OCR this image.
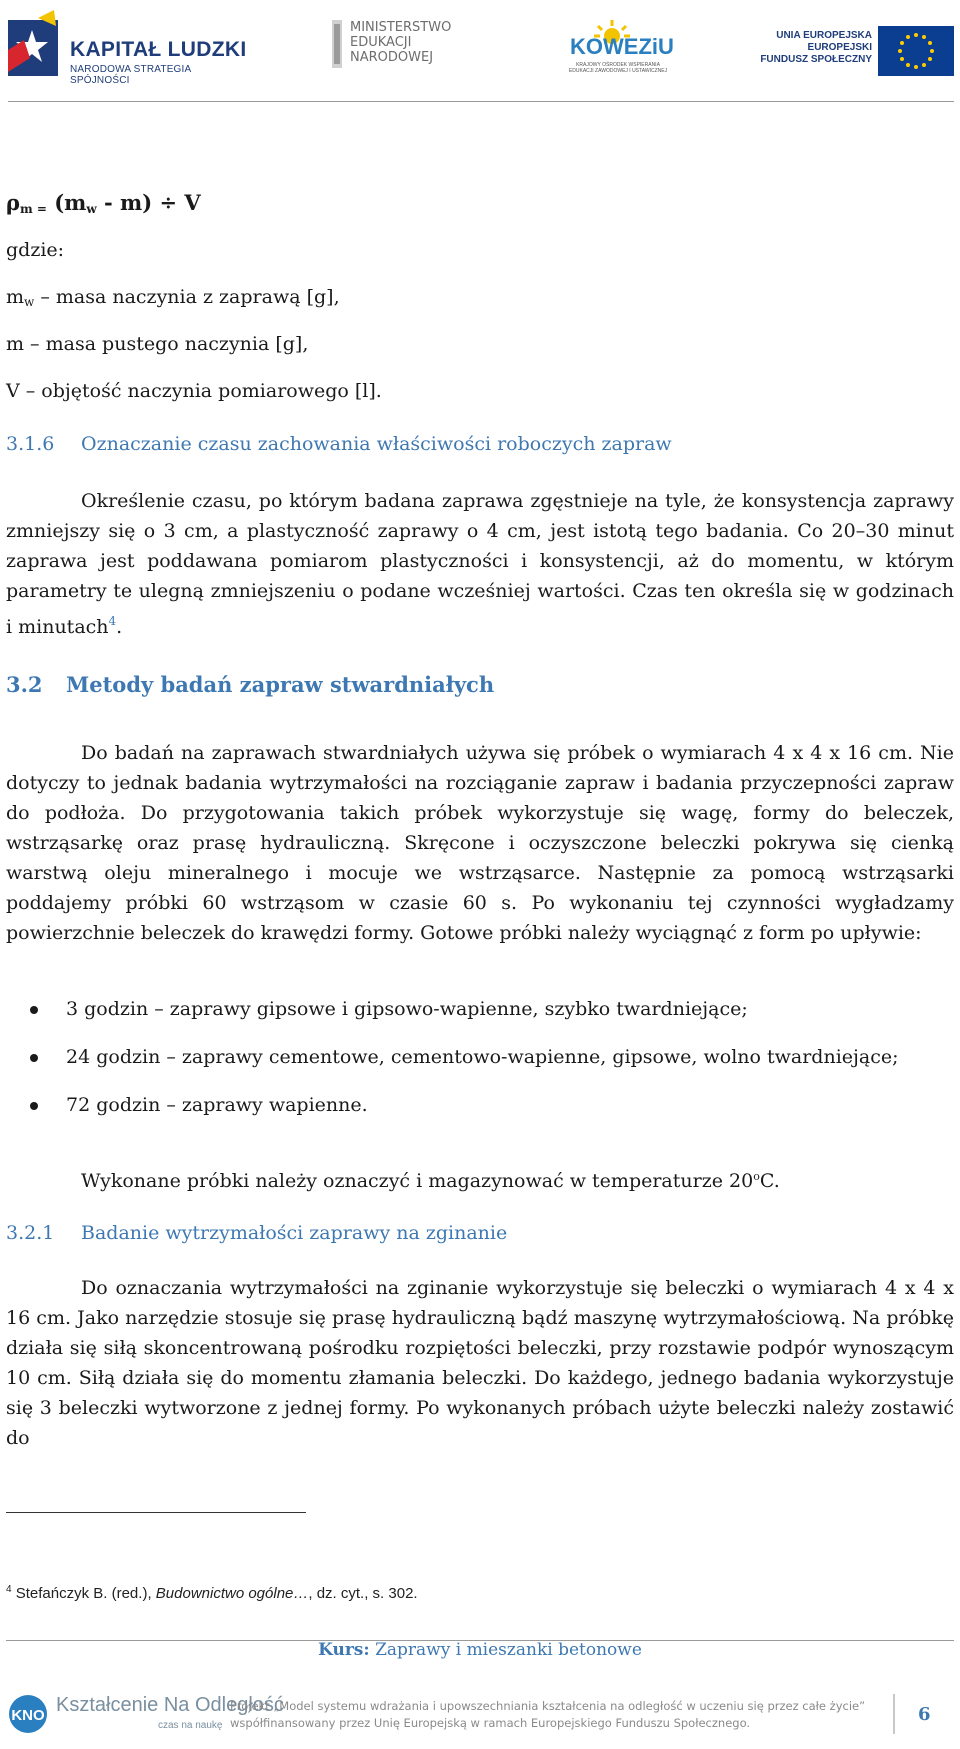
KAPITAŁ LUDZKI
NARODOWA STRATEGIA SPÓJNOŚCI
MINISTERSTWO
EDUKACJI
NARODOWEJ	KOWEZiU
KRAJOWY OŚRODEK WSPIERANIA EDUKACJI ZAWODOWEJ I USTAWICZNEJ
UNIA EUROPEJSKA
EUROPEJSKI
FUNDUSZ SPOŁECZNY
$\rho_{m =}$ $(m_w - m) \div V$
gdzie:
$m_w$ – masa naczynia z zaprawą [g],
m – masa pustego naczynia [g],
V – objętość naczynia pomiarowego [l].
3.1.6 Oznaczanie czasu zachowania właściwości roboczych zapraw
Określenie czasu, po którym badana zaprawa zgęstnieje na tyle, że konsystencja zaprawy zmniejszy się o 3 cm, a plastyczność zaprawy o 4 cm, jest istotą tego badania. Co 20–30 minut zaprawa jest poddawana pomiarom plastyczności i konsystencji, aż do momentu, w którym parametry te ulegną zmniejszeniu o podane wcześniej wartości. Czas ten określa się w godzinach i minutach$^4$.
3.2 Metody badań zapraw stwardniałych
Do badań na zaprawach stwardniałych używa się próbek o wymiarach 4 x 4 x 16 cm. Nie dotyczy to jednak badania wytrzymałości na rozciąganie zapraw i badania przyczepności zapraw do podłoża. Do przygotowania takich próbek wykorzystuje się wagę, formy do beleczek, wstrząsarkę oraz prasę hydrauliczną. Skręcone i oczyszczone beleczki pokrywa się cienką warstwą oleju mineralnego i mocuje we wstrząsarce. Następnie za pomocą wstrząsarki poddajemy próbki 60 wstrząsom w czasie 60 s. Po wykonaniu tej czynności wygładzamy powierzchnie beleczek do krawędzi formy. Gotowe próbki należy wyciągnąć z form po upływie:
3 godzin – zaprawy gipsowe i gipsowo-wapienne, szybko twardniejące;
24 godzin – zaprawy cementowe, cementowo-wapienne, gipsowe, wolno twardniejące;
72 godzin – zaprawy wapienne.
Wykonane próbki należy oznaczyć i magazynować w temperaturze 20$^o$C.
3.2.1 Badanie wytrzymałości zaprawy na zginanie
Do oznaczania wytrzymałości na zginanie wykorzystuje się beleczki o wymiarach 4 x 4 x 16 cm. Jako narzędzie stosuje się prasę hydrauliczną bądź maszynę wytrzymałościową. Na próbkę działa się siłą skoncentrowaną pośrodku rozpiętości beleczki, przy rozstawie podpór wynoszącym 10 cm. Siłą działa się do momentu złamania beleczki. Do każdego, jednego badania wykorzystuje się 3 beleczki wytworzone z jednej formy. Po wykonanych próbach użyte beleczki należy zostawić do
$^4$ Stefańczyk B. (red.), Budownictwo ogólne…, dz. cyt., s. 302.
Kurs: Zaprawy i mieszanki betonowe
KNO Kształcenie Na Odległość
czas na naukę
Projekt „Model systemu wdrażania i upowszechniania kształcenia na odległość w uczeniu się przez całe życie”
współfinansowany przez Unię Europejską w ramach Europejskiego Funduszu Społecznego.	6
